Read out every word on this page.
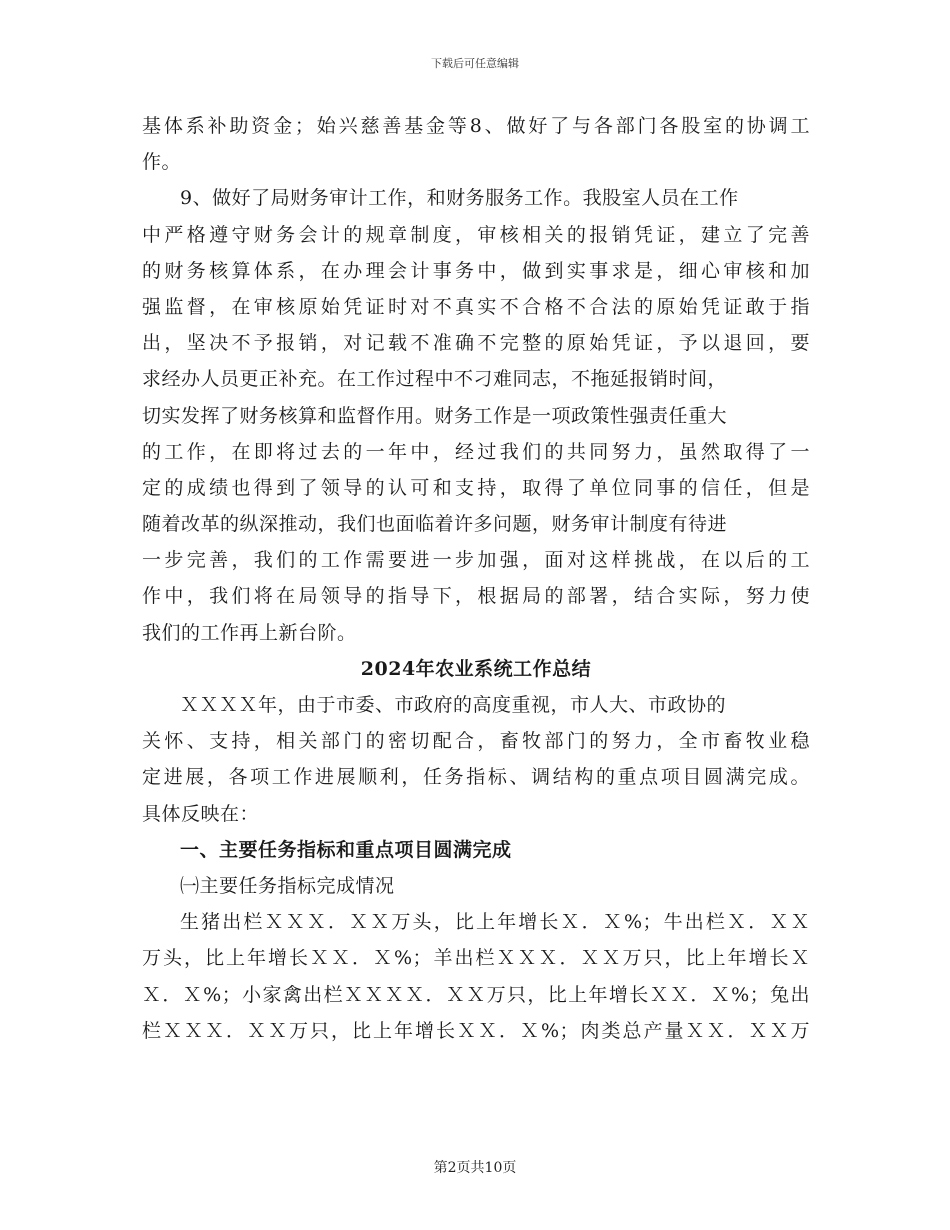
下载后可任意编辑
基体系补助资金；始兴慈善基金等8、做好了与各部门各股室的协调工
作。
9、做好了局财务审计工作，和财务服务工作。我股室人员在工作
中严格遵守财务会计的规章制度，审核相关的报销凭证，建立了完善
的财务核算体系，在办理会计事务中，做到实事求是，细心审核和加
强监督，在审核原始凭证时对不真实不合格不合法的原始凭证敢于指
出，坚决不予报销，对记载不准确不完整的原始凭证，予以退回，要
求经办人员更正补充。在工作过程中不刁难同志，不拖延报销时间，
切实发挥了财务核算和监督作用。财务工作是一项政策性强责任重大
的工作，在即将过去的一年中，经过我们的共同努力，虽然取得了一
定的成绩也得到了领导的认可和支持，取得了单位同事的信任，但是
随着改革的纵深推动，我们也面临着许多问题，财务审计制度有待进
一步完善，我们的工作需要进一步加强，面对这样挑战，在以后的工
作中，我们将在局领导的指导下，根据局的部署，结合实际，努力使
我们的工作再上新台阶。
2024年农业系统工作总结
ＸＸＸＸ年，由于市委、市政府的高度重视，市人大、市政协的
关怀、支持，相关部门的密切配合，畜牧部门的努力，全市畜牧业稳
定进展，各项工作进展顺利，任务指标、调结构的重点项目圆满完成。
具体反映在：
一、主要任务指标和重点项目圆满完成
㈠主要任务指标完成情况
生猪出栏ＸＸＸ．ＸＸ万头，比上年增长Ｘ．Ｘ%；牛出栏Ｘ．ＸＸ
万头，比上年增长ＸＸ．Ｘ%；羊出栏ＸＸＸ．ＸＸ万只，比上年增长Ｘ
Ｘ．Ｘ%；小家禽出栏ＸＸＸＸ．ＸＸ万只，比上年增长ＸＸ．Ｘ%；兔出
栏ＸＸＸ．ＸＸ万只，比上年增长ＸＸ．Ｘ%；肉类总产量ＸＸ．ＸＸ万
第2页共10页
